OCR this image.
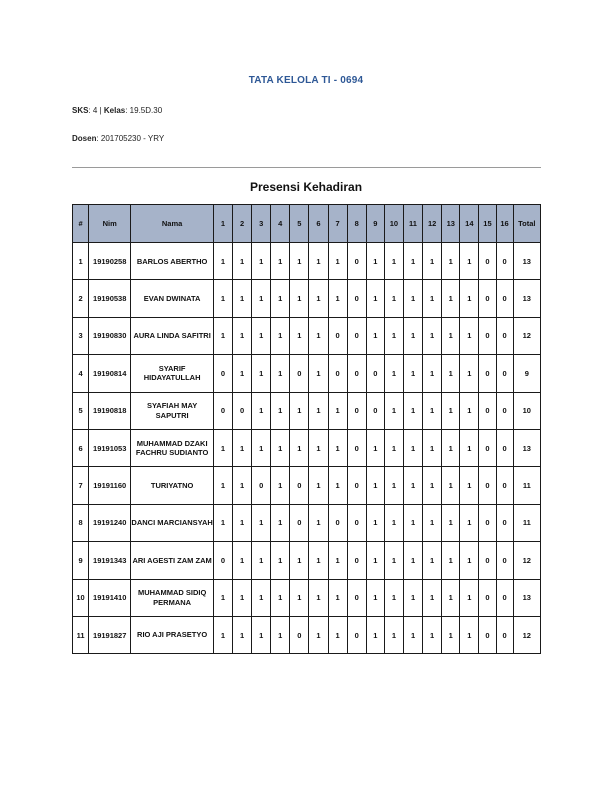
TATA KELOLA TI - 0694
SKS: 4 | Kelas: 19.5D.30
Dosen: 201705230 - YRY
Presensi Kehadiran
#	Nim	Nama	1	2	3	4	5	6	7	8	9	10	11	12	13	14	15	16	Total
1	19190258	BARLOS ABERTHO	1	1	1	1	1	1	1	0	1	1	1	1	1	1	0	0	13
2	19190538	EVAN DWINATA	1	1	1	1	1	1	1	0	1	1	1	1	1	1	0	0	13
3	19190830	AURA LINDA SAFITRI	1	1	1	1	1	1	0	0	1	1	1	1	1	1	0	0	12
4	19190814	SYARIF HIDAYATULLAH	0	1	1	1	0	1	0	0	0	1	1	1	1	1	0	0	9
5	19190818	SYAFIAH MAY SAPUTRI	0	0	1	1	1	1	1	0	0	1	1	1	1	1	0	0	10
6	19191053	MUHAMMAD DZAKI FACHRU SUDIANTO	1	1	1	1	1	1	1	0	1	1	1	1	1	1	0	0	13
7	19191160	TURIYATNO	1	1	0	1	0	1	1	0	1	1	1	1	1	1	0	0	11
8	19191240	DANCI MARCIANSYAH	1	1	1	1	0	1	0	0	1	1	1	1	1	1	0	0	11
9	19191343	ARI AGESTI ZAM ZAM	0	1	1	1	1	1	1	0	1	1	1	1	1	1	0	0	12
10	19191410	MUHAMMAD SIDIQ PERMANA	1	1	1	1	1	1	1	0	1	1	1	1	1	1	0	0	13
11	19191827	RIO AJI PRASETYO	1	1	1	1	0	1	1	0	1	1	1	1	1	1	0	0	12
